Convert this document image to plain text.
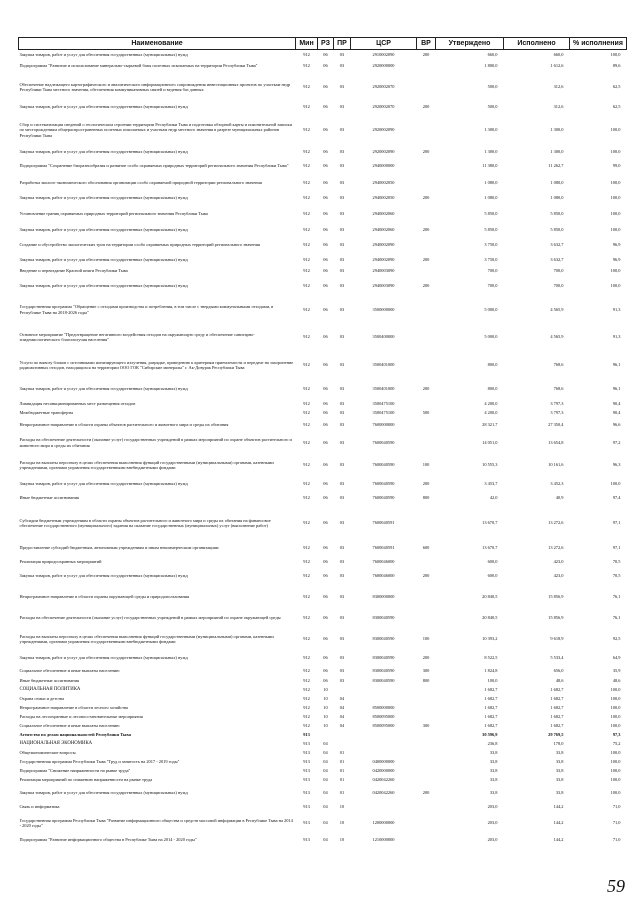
Наименование	Мин	РЗ	ПР	ЦСР	ВР	Утверждено	Исполнено	% исполнения
Закупка товаров, работ и услуг для обеспечения государственных (муниципальных) нужд	912	06	03	2910002090	200	660,0	660,0	100,0
Подпрограмма "Развитие и использование минерально-сырьевой базы полезных ископаемых на территории Республики Тыва"	912	06	03	2920000000		1 800,0	1 612,6	89,6
Обеспечение надлежащего картографического и аналитического информационного сопровождения инвестиционных проектов по участкам недр Республики Тыва местного значения, обеспечения коммуникативных связей и ведения баз данных	912	06	03	2920002070		500,0	312,6	62,5
Закупка товаров, работ и услуг для обеспечения государственных (муниципальных) нужд	912	06	03	2920002070	200	500,0	312,6	62,5
Сбор и систематизация сведений о геологическом строении территории Республики Тыва и подготовка обзорной карты и пояснительной записки по месторождениям общераспространенных полезных ископаемых и участкам недр местного значения в разрезе муниципальных районов Республики Тыва	912	06	03	2920002090		1 300,0	1 300,0	100,0
Закупка товаров, работ и услуг для обеспечения государственных (муниципальных) нужд	912	06	03	2920002090	200	1 300,0	1 300,0	100,0
Подпрограмма "Сохранение биоразнообразия и развитие особо охраняемых природных территорий регионального значения Республики Тыва"	912	06	03	2940000000		11 380,0	11 262,7	99,0
Разработка эколого-экономического обоснования организации особо охраняемой природной территории регионального значения	912	06	03	2940002050		1 080,0	1 080,0	100,0
Закупка товаров, работ и услуг для обеспечения государственных (муниципальных) нужд	912	06	03	2940002050	200	1 080,0	1 080,0	100,0
Установление границ охраняемых природных территорий регионального значения Республики Тыва	912	06	03	2940002060		5 850,0	5 850,0	100,0
Закупка товаров, работ и услуг для обеспечения государственных (муниципальных) нужд	912	06	03	2940002060	200	5 850,0	5 850,0	100,0
Создание и обустройство экологических троп на территории особо охраняемых природных территорий регионального значения	912	06	03	2940002090		3 750,0	3 632,7	96,9
Закупка товаров, работ и услуг для обеспечения государственных (муниципальных) нужд	912	06	03	2940002090	200	3 750,0	3 632,7	96,9
Введение и переиздание Красной книги Республики Тыва	912	06	03	2940003090		700,0	700,0	100,0
Закупка товаров, работ и услуг для обеспечения государственных (муниципальных) нужд	912	06	03	2940003090	200	700,0	700,0	100,0
Государственная программа "Обращение с отходами производства и потребления, в том числе с твердыми коммунальными отходами, в Республике Тыва на 2018-2026 годы"	912	06	03	3500000000		5 000,0	4 565,9	91,3
Основное мероприятие "Предотвращение негативного воздействия отходов на окружающую среду и обеспечение санитарно-эпидемиологического благополучия населения"	912	06	03	3500400000		5 000,0	4 565,9	91,3
Услуги по вывозу блоков с источниками ионизирующего излучения, разрядке, приведению к критериям приемлемости и передаче на захоронение радиоактивных отходов, находящихся на территории ООО ГОК "Сибирские минералы" г. Ак-Довурак Республики Тыва	912	06	03	3500401000		800,0	768,6	96,1
Закупка товаров, работ и услуг для обеспечения государственных (муниципальных) нужд	912	06	03	3500401000	200	800,0	768,6	96,1
Ликвидация несанкционированных мест размещения отходов	912	06	03	3500475100		4 200,0	3 797,3	90,4
Межбюджетные трансферты	912	06	03	3500475100	500	4 200,0	3 797,3	90,4
Непрограммное направление в области охраны объектов растительного и животного мира и среды их обитания	912	06	03	7600000000		28 321,7	27 350,4	96,6
Расходы на обеспечение деятельности (оказание услуг) государственных учреждений в рамках мероприятий по охране объектов растительного и животного мира и среды их обитания	912	06	03	7600040590		14 051,0	13 654,8	97,2
Расходы на выплаты персоналу в целях обеспечения выполнения функций государственными (муниципальными) органами, казенными учреждениями, органами управления государственными внебюджетными фондами	912	06	03	7600040590	100	10 555,3	10 161,6	96,3
Закупка товаров, работ и услуг для обеспечения государственных (муниципальных) нужд	912	06	03	7600040590	200	3 453,7	3 452,3	100,0
Иные бюджетные ассигнования	912	06	03	7600040590	800	42,0	40,9	97,4
Субсидии бюджетным учреждениям в области охраны объектов растительного и животного мира и среды их обитания на финансовое обеспечение государственного (муниципального) задания на оказание государственных (муниципальных) услуг (выполнение работ)	912	06	03	7600040591		13 670,7	13 272,6	97,1
Предоставление субсидий бюджетным, автономным учреждениям и иным некоммерческим организациям	912	06	03	7600040591	600	13 670,7	13 272,6	97,1
Реализация природоохранных мероприятий	912	06	03	7600046000		600,0	423,0	70,5
Закупка товаров, работ и услуг для обеспечения государственных (муниципальных) нужд	912	06	03	7600046000	200	600,0	423,0	70,5
Непрограммное направление в области охраны окружающей среды и природопользования	912	06	03	8300000000		20 840,5	15 856,9	76,1
Расходы на обеспечение деятельности (оказание услуг) государственных учреждений в рамках мероприятий по охране окружающей среды	912	06	03	8300040590		20 840,5	15 856,9	76,1
Расходы на выплаты персоналу в целях обеспечения выполнения функций государственными (муниципальными) органами, казенными учреждениями, органами управления государственными внебюджетными фондами	912	06	03	8300040590	100	10 393,2	9 618,9	92,5
Закупка товаров, работ и услуг для обеспечения государственных (муниципальных) нужд	912	06	03	8300040590	200	8 522,5	5 533,4	64,9
Социальное обеспечение и иные выплаты населению	912	06	03	8300040590	300	1 824,8	656,0	35,9
Иные бюджетные ассигнования	912	06	03	8300040590	800	100,0	48,6	48,6
СОЦИАЛЬНАЯ ПОЛИТИКА	912	10				1 682,7	1 682,7	100,0
Охрана семьи и детства	912	10	04			1 682,7	1 682,7	100,0
Непрограммное направление в области лесного хозяйства	912	10	04	8500000000		1 682,7	1 682,7	100,0
Расходы на лесоохранные и лесовосстановительные мероприятия	912	10	04	8500095000		1 682,7	1 682,7	100,0
Социальное обеспечение и иные выплаты населению	912	10	04	8500095000	300	1 682,7	1 682,7	100,0
Агентство по делам национальностей Республики Тыва	913					30 596,9	29 769,5	97,3
НАЦИОНАЛЬНАЯ ЭКОНОМИКА	913	04				236,8	178,0	75,2
Общеэкономические вопросы	913	04	01			33,8	33,8	100,0
Государственная программа Республики Тыва "Труд и занятость на 2017 - 2019 годы"	913	04	01	0400000000		33,8	33,8	100,0
Подпрограмма "Снижение напряженности на рынке труда"	913	04	01	0420000000		33,8	33,8	100,0
Реализация мероприятий по снижению напряженности на рынке труда	913	04	01	0420042260		33,8	33,8	100,0
Закупка товаров, работ и услуг для обеспечения государственных (муниципальных) нужд	913	04	01	0420042260	200	33,8	33,8	100,0
Связь и информатика	913	04	10			203,0	144,2	71,0
Государственная программа Республики Тыва "Развитие информационного общества и средств массовой информации в Республике Тыва на 2014 - 2020 годы"	913	04	10	1200000000		203,0	144,2	71,0
Подпрограмма "Развитие информационного общества в Республике Тыва на 2014 - 2020 годы"	913	04	10	1210000000		203,0	144,2	71,0
59
